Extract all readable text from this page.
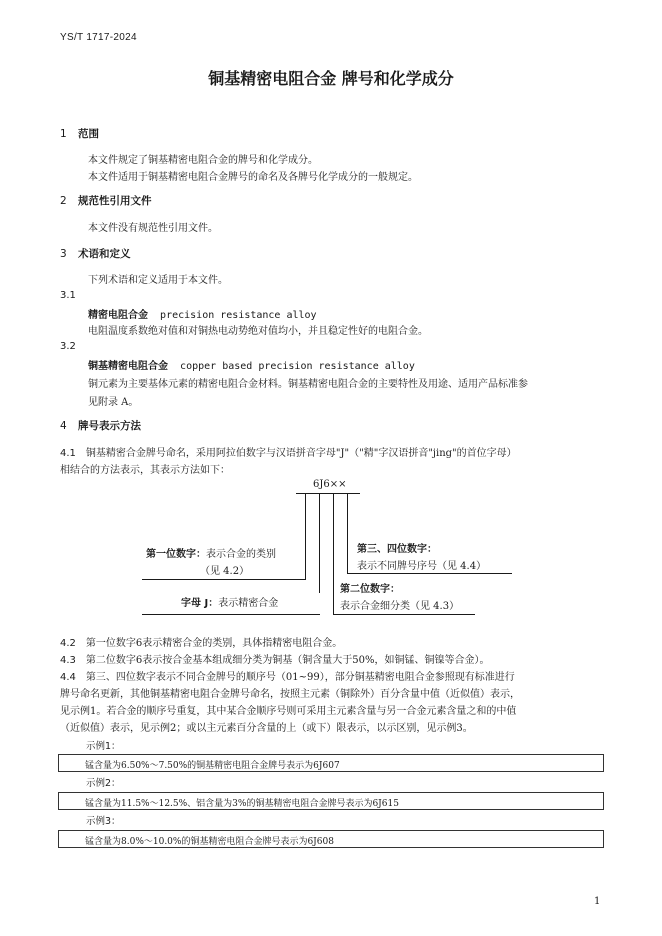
YS/T 1717-2024
铜基精密电阻合金 牌号和化学成分
1 范围
本文件规定了铜基精密电阻合金的牌号和化学成分。
本文件适用于铜基精密电阻合金牌号的命名及各牌号化学成分的一般规定。
2 规范性引用文件
本文件没有规范性引用文件。
3 术语和定义
下列术语和定义适用于本文件。
3.1
精密电阻合金 precision resistance alloy
电阻温度系数绝对值和对铜热电动势绝对值均小，并且稳定性好的电阻合金。
3.2
铜基精密电阻合金 copper based precision resistance alloy
铜元素为主要基体元素的精密电阻合金材料。铜基精密电阻合金的主要特性及用途、适用产品标准参
见附录 A。
4 牌号表示方法
4.1 铜基精密合金牌号命名，采用阿拉伯数字与汉语拼音字母"J"（"精"字汉语拼音"jing"的首位字母）
相结合的方法表示，其表示方法如下：
6J6××
第一位数字：表示合金的类别
（见 4.2）
字母 J：表示精密合金
第三、四位数字：
表示不同牌号序号（见 4.4）
第二位数字：
表示合金细分类（见 4.3）
4.2 第一位数字6表示精密合金的类别，具体指精密电阻合金。
4.3 第二位数字6表示按合金基本组成细分类为铜基（铜含量大于50%，如铜锰、铜镍等合金）。
4.4 第三、四位数字表示不同合金牌号的顺序号（01~99），部分铜基精密电阻合金参照现有标准进行
牌号命名更新，其他铜基精密电阻合金牌号命名，按照主元素（铜除外）百分含量中值（近似值）表示，
见示例1。若合金的顺序号重复，其中某合金顺序号则可采用主元素含量与另一合金元素含量之和的中值
（近似值）表示，见示例2；或以主元素百分含量的上（或下）限表示，以示区别，见示例3。
示例1：
锰含量为6.50%～7.50%的铜基精密电阻合金牌号表示为6J607
示例2：
锰含量为11.5%～12.5%、铝含量为3%的铜基精密电阻合金牌号表示为6J615
示例3：
锰含量为8.0%～10.0%的铜基精密电阻合金牌号表示为6J608
1
